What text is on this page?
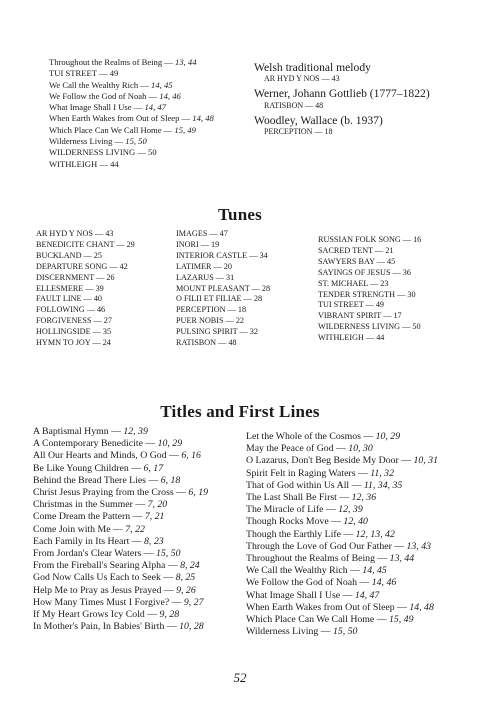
Throughout the Realms of Being — 13, 44
TUI STREET — 49
We Call the Wealthy Rich — 14, 45
We Follow the God of Noah — 14, 46
What Image Shall I Use — 14, 47
When Earth Wakes from Out of Sleep — 14, 48
Which Place Can We Call Home — 15, 49
Wilderness Living — 15, 50
WILDERNESS LIVING — 50
WITHLEIGH — 44
Welsh traditional melody
AR HYD Y NOS — 43
Werner, Johann Gottlieb (1777–1822)
RATISBON — 48
Woodley, Wallace (b. 1937)
PERCEPTION — 18
Tunes
AR HYD Y NOS — 43
BENEDICITE CHANT — 29
BUCKLAND — 25
DEPARTURE SONG — 42
DISCERNMENT — 26
ELLESMERE — 39
FAULT LINE — 40
FOLLOWING — 46
FORGIVENESS — 27
HOLLINGSIDE — 35
HYMN TO JOY — 24
IMAGES — 47
INORI — 19
INTERIOR CASTLE — 34
LATIMER — 20
LAZARUS — 31
MOUNT PLEASANT — 28
O FILII ET FILIAE — 28
PERCEPTION — 18
PUER NOBIS — 22
PULSING SPIRIT — 32
RATISBON — 48
RUSSIAN FOLK SONG — 16
SACRED TENT — 21
SAWYERS BAY — 45
SAYINGS OF JESUS — 36
ST. MICHAEL — 23
TENDER STRENGTH — 30
TUI STREET — 49
VIBRANT SPIRIT — 17
WILDERNESS LIVING — 50
WITHLEIGH — 44
Titles and First Lines
A Baptismal Hymn — 12, 39
A Contemporary Benedicite — 10, 29
All Our Hearts and Minds, O God — 6, 16
Be Like Young Children — 6, 17
Behind the Bread There Lies — 6, 18
Christ Jesus Praying from the Cross — 6, 19
Christmas in the Summer — 7, 20
Come Dream the Pattern — 7, 21
Come Join with Me — 7, 22
Each Family in Its Heart — 8, 23
From Jordan's Clear Waters — 15, 50
From the Fireball's Searing Alpha — 8, 24
God Now Calls Us Each to Seek — 8, 25
Help Me to Pray as Jesus Prayed — 9, 26
How Many Times Must I Forgive? — 9, 27
If My Heart Grows Icy Cold — 9, 28
In Mother's Pain, In Babies' Birth — 10, 28
Let the Whole of the Cosmos — 10, 29
May the Peace of God — 10, 30
O Lazarus, Don't Beg Beside My Door — 10, 31
Spirit Felt in Raging Waters — 11, 32
That of God within Us All — 11, 34, 35
The Last Shall Be First — 12, 36
The Miracle of Life — 12, 39
Though Rocks Move — 12, 40
Though the Earthly Life — 12, 13, 42
Through the Love of God Our Father — 13, 43
Throughout the Realms of Being — 13, 44
We Call the Wealthy Rich — 14, 45
We Follow the God of Noah — 14, 46
What Image Shall I Use — 14, 47
When Earth Wakes from Out of Sleep — 14, 48
Which Place Can We Call Home — 15, 49
Wilderness Living — 15, 50
52
